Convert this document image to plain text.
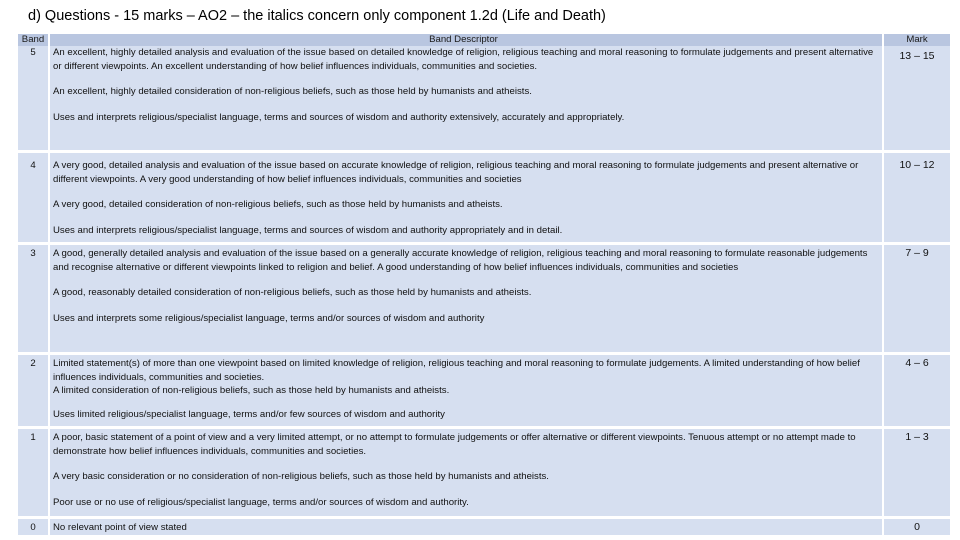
d) Questions - 15 marks – AO2 – the italics concern only component 1.2d (Life and Death)
Band	Band Descriptor	Mark

5	An excellent, highly detailed analysis and evaluation of the issue based on detailed knowledge of religion, religious teaching and moral reasoning to formulate judgements and present alternative or different viewpoints. An excellent understanding of how belief influences individuals, communities and societies.
An excellent, highly detailed consideration of non-religious beliefs, such as those held by humanists and atheists.
Uses and interprets religious/specialist language, terms and sources of wisdom and authority extensively, accurately and appropriately.	13 – 15

4	A very good, detailed analysis and evaluation of the issue based on accurate knowledge of religion, religious teaching and moral reasoning to formulate judgements and present alternative or different viewpoints. A very good understanding of how belief influences individuals, communities and societies
A very good, detailed consideration of non-religious beliefs, such as those held by humanists and atheists.
Uses and interprets religious/specialist language, terms and sources of wisdom and authority appropriately and in detail.	10 – 12

3	A good, generally detailed analysis and evaluation of the issue based on a generally accurate knowledge of religion, religious teaching and moral reasoning to formulate reasonable judgements and recognise alternative or different viewpoints linked to religion and belief. A good understanding of how belief influences individuals, communities and societies
A good, reasonably detailed consideration of non-religious beliefs, such as those held by humanists and atheists.
Uses and interprets some religious/specialist language, terms and/or sources of wisdom and authority	7 – 9

2	Limited statement(s) of more than one viewpoint based on limited knowledge of religion, religious teaching and moral reasoning to formulate judgements. A limited understanding of how belief influences individuals, communities and societies.
A limited consideration of non-religious beliefs, such as those held by humanists and atheists.
Uses limited religious/specialist language, terms and/or few sources of wisdom and authority	4 – 6

1	A poor, basic statement of a point of view and a very limited attempt, or no attempt to formulate judgements or offer alternative or different viewpoints. Tenuous attempt or no attempt made to demonstrate how belief influences individuals, communities and societies.
A very basic consideration or no consideration of non-religious beliefs, such as those held by humanists and atheists.
Poor use or no use of religious/specialist language, terms and/or sources of wisdom and authority.	1 – 3

0	No relevant point of view stated	0
